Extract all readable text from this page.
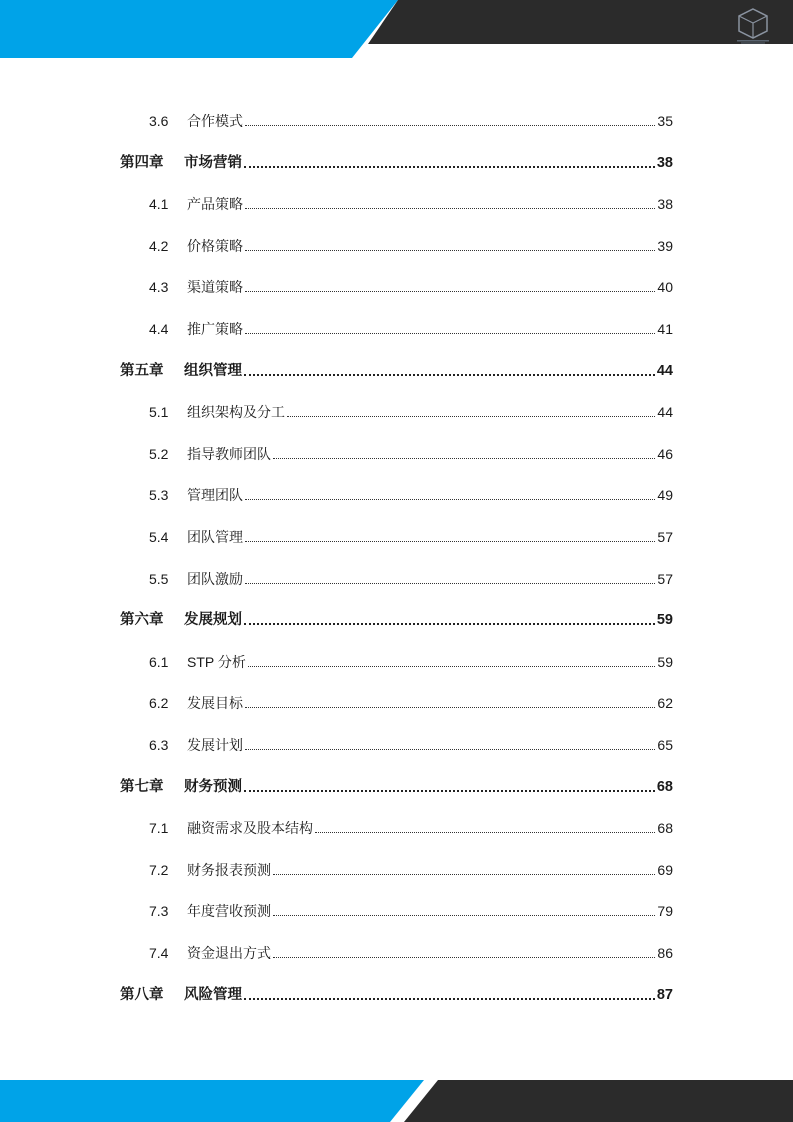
3.6	合作模式	35
第四章	市场营销	38
4.1	产品策略	38
4.2	价格策略	39
4.3	渠道策略	40
4.4	推广策略	41
第五章	组织管理	44
5.1	组织架构及分工	44
5.2	指导教师团队	46
5.3	管理团队	49
5.4	团队管理	57
5.5	团队激励	57
第六章	发展规划	59
6.1	STP 分析	59
6.2	发展目标	62
6.3	发展计划	65
第七章	财务预测	68
7.1	融资需求及股本结构	68
7.2	财务报表预测	69
7.3	年度营收预测	79
7.4	资金退出方式	86
第八章	风险管理	87
